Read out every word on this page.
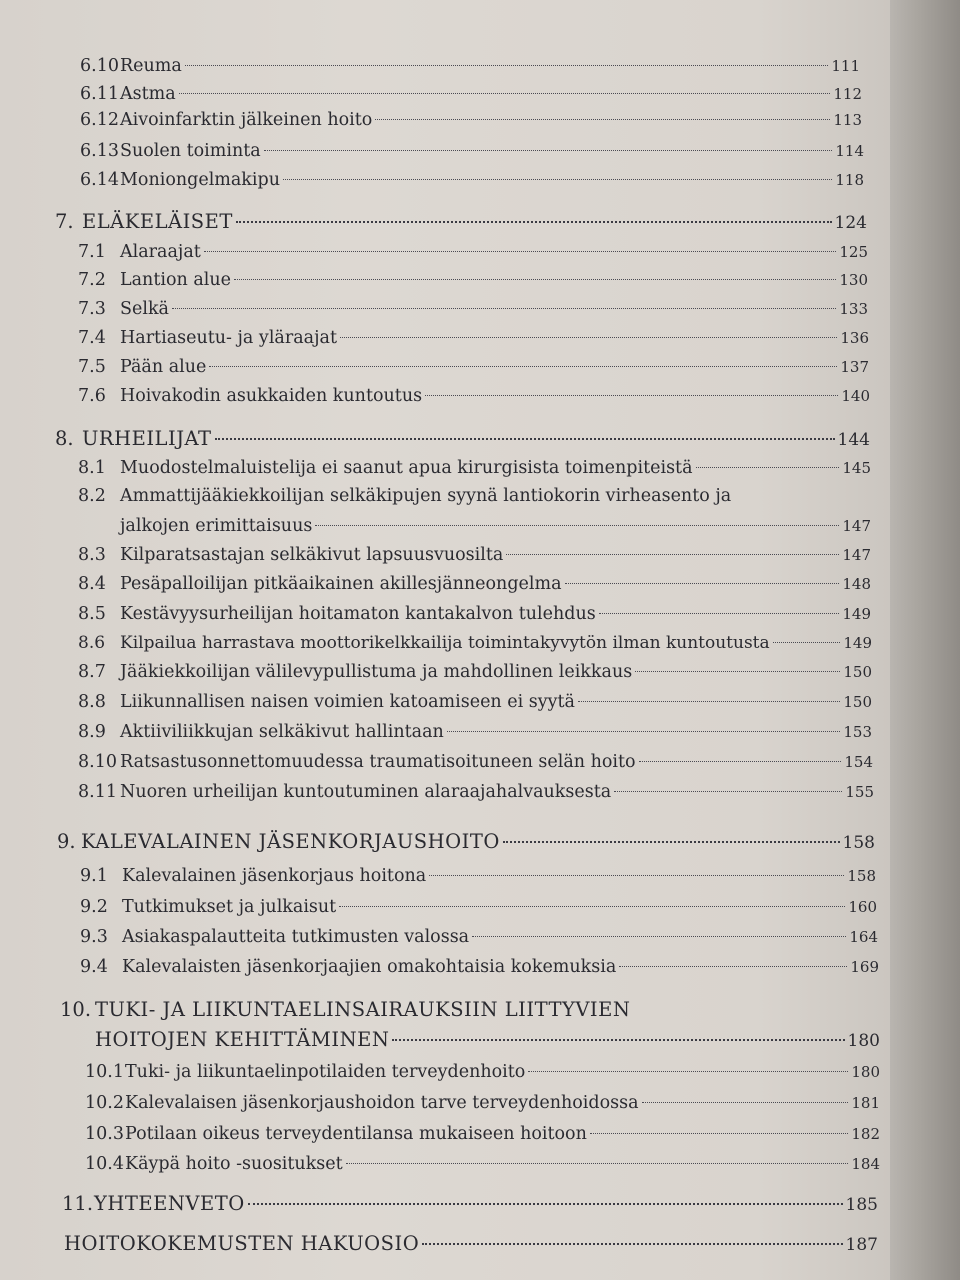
6.10 Reuma	111
6.11 Astma	112
6.12 Aivoinfarktin jälkeinen hoito	113
6.13 Suolen toiminta	114
6.14 Moniongelmakipu	118
7. ELÄKELÄISET	124
7.1 Alaraajat	125
7.2 Lantion alue	130
7.3 Selkä	133
7.4 Hartiaseutu- ja yläraajat	136
7.5 Pään alue	137
7.6 Hoivakodin asukkaiden kuntoutus	140
8. URHEILIJAT	144
8.1 Muodostelmaluistelija ei saanut apua kirurgisista toimenpiteistä	145
8.2 Ammattijääkiekkoilijan selkäkipujen syynä lantiokorin virheasento ja
jalkojen erimittaisuus	147
8.3 Kilparatsastajan selkäkivut lapsuusvuosilta	147
8.4 Pesäpalloilijan pitkäaikainen akillesjänneongelma	148
8.5 Kestävyysurheilijan hoitamaton kantakalvon tulehdus	149
8.6 Kilpailua harrastava moottorikelkkailija toimintakyvytön ilman kuntoutusta	149
8.7 Jääkiekkoilijan välilevypullistuma ja mahdollinen leikkaus	150
8.8 Liikunnallisen naisen voimien katoamiseen ei syytä	150
8.9 Aktiiviliikkujan selkäkivut hallintaan	153
8.10 Ratsastusonnettomuudessa traumatisoituneen selän hoito	154
8.11 Nuoren urheilijan kuntoutuminen alaraajahalvauksesta	155
9. KALEVALAINEN JÄSENKORJAUSHOITO	158
9.1 Kalevalainen jäsenkorjaus hoitona	158
9.2 Tutkimukset ja julkaisut	160
9.3 Asiakaspalautteita tutkimusten valossa	164
9.4 Kalevalaisten jäsenkorjaajien omakohtaisia kokemuksia	169
10. TUKI- JA LIIKUNTAELINSAIRAUKSIIN LIITTYVIEN
HOITOJEN KEHITTÄMINEN	180
10.1 Tuki- ja liikuntaelinpotilaiden terveydenhoito	180
10.2 Kalevalaisen jäsenkorjaushoidon tarve terveydenhoidossa	181
10.3 Potilaan oikeus terveydentilansa mukaiseen hoitoon	182
10.4 Käypä hoito -suositukset	184
11. YHTEENVETO	185
HOITOKOKEMUSTEN HAKUOSIO	187
